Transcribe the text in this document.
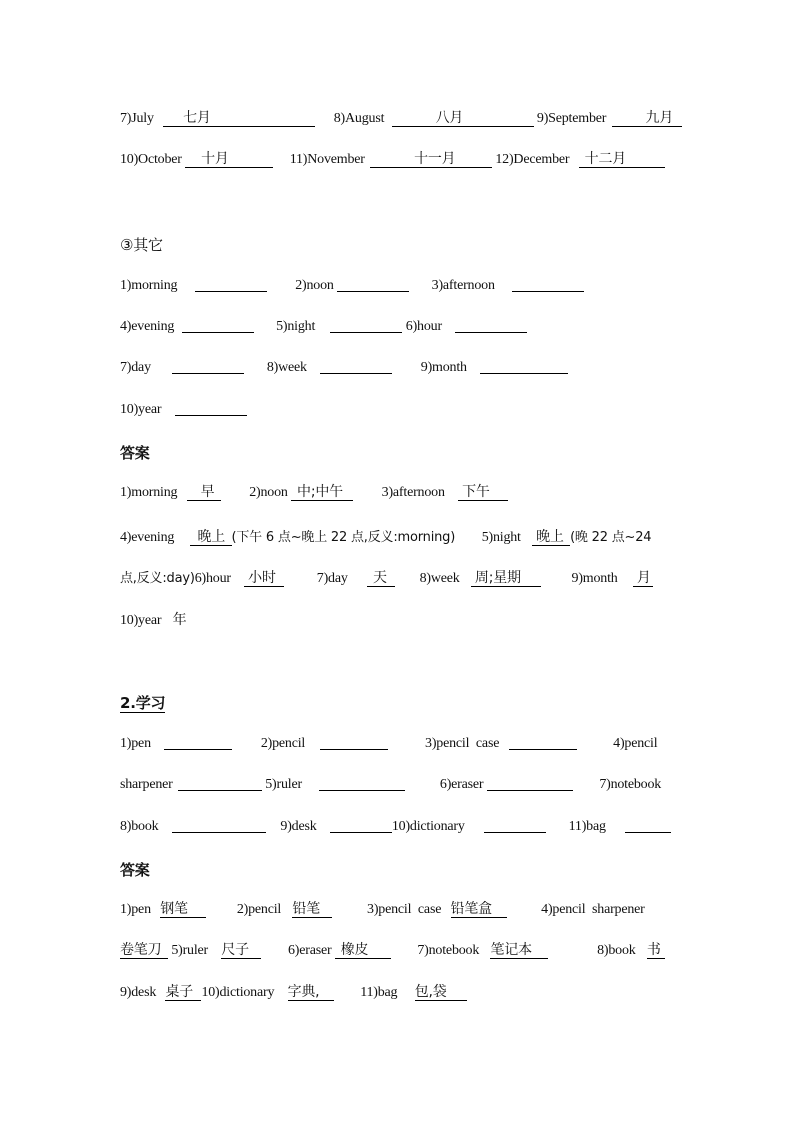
7)July 七月	8)August	八月	9)September	九月
10)October 十月	11)November	十一月	12)December 十二月
③其它
1)morning	2)noon	3)afternoon
4)evening	5)night	6)hour
7)day	8)week	9)month
10)year
答案
1)morning 早 2)noon 中;中午	3)afternoon 下午
4)evening 晚上 (下午 6 点~晚上 22 点,反义:morning) 5)night 晚上 (晚 22 点~24
点,反义:day)6)hour 小时	7)day 天 8)week 周;星期	9)month 月
10)year 年
2.学习
1)pen	2)pencil	3)pencil  case	4)pencil
sharpener	5)ruler	6)eraser	7)notebook
8)book	9)desk	10)dictionary	11)bag
答案
1)pen 钢笔	2)pencil 铅笔	3)pencil  case 铅笔盒	4)pencil  sharpener
卷笔刀 5)ruler 尺子	6)eraser 橡皮	7)notebook 笔记本	8)book 书
9)desk 桌子 10)dictionary 字典,	11)bag 包,袋
